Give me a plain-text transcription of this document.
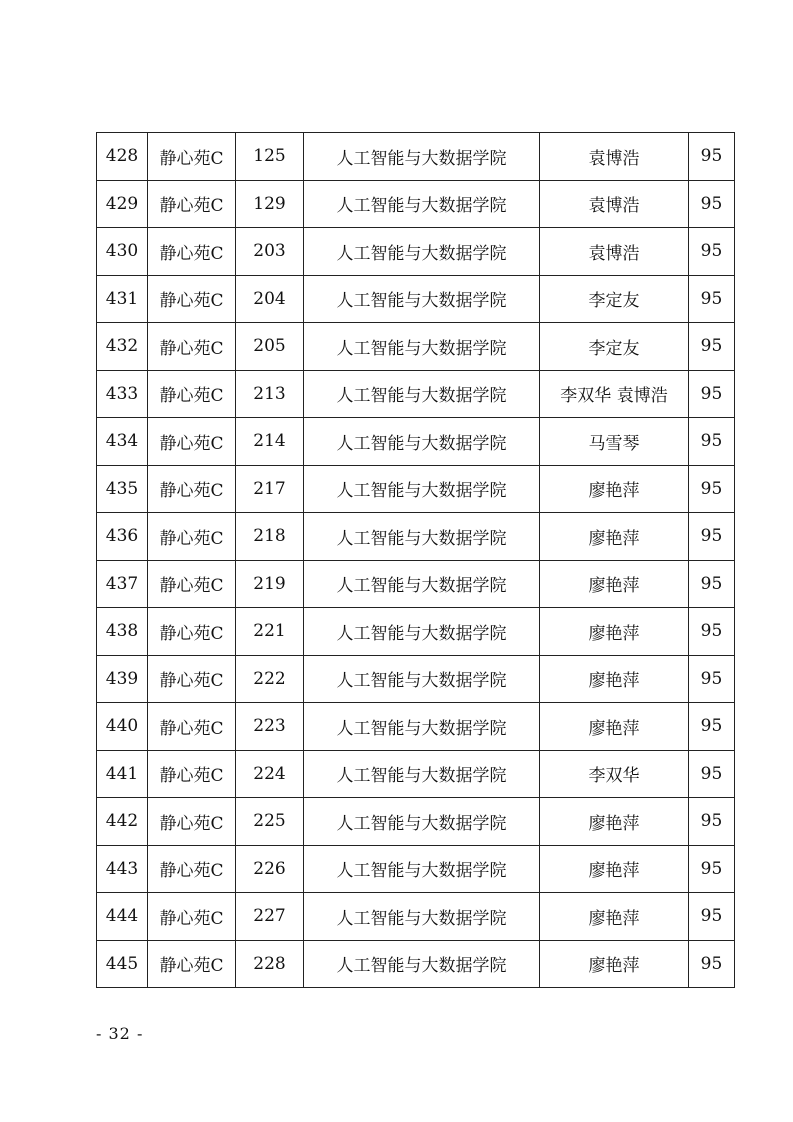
428	静心苑C	125	人工智能与大数据学院	袁博浩	95
429	静心苑C	129	人工智能与大数据学院	袁博浩	95
430	静心苑C	203	人工智能与大数据学院	袁博浩	95
431	静心苑C	204	人工智能与大数据学院	李定友	95
432	静心苑C	205	人工智能与大数据学院	李定友	95
433	静心苑C	213	人工智能与大数据学院	李双华 袁博浩	95
434	静心苑C	214	人工智能与大数据学院	马雪琴	95
435	静心苑C	217	人工智能与大数据学院	廖艳萍	95
436	静心苑C	218	人工智能与大数据学院	廖艳萍	95
437	静心苑C	219	人工智能与大数据学院	廖艳萍	95
438	静心苑C	221	人工智能与大数据学院	廖艳萍	95
439	静心苑C	222	人工智能与大数据学院	廖艳萍	95
440	静心苑C	223	人工智能与大数据学院	廖艳萍	95
441	静心苑C	224	人工智能与大数据学院	李双华	95
442	静心苑C	225	人工智能与大数据学院	廖艳萍	95
443	静心苑C	226	人工智能与大数据学院	廖艳萍	95
444	静心苑C	227	人工智能与大数据学院	廖艳萍	95
445	静心苑C	228	人工智能与大数据学院	廖艳萍	95
- 32 -
